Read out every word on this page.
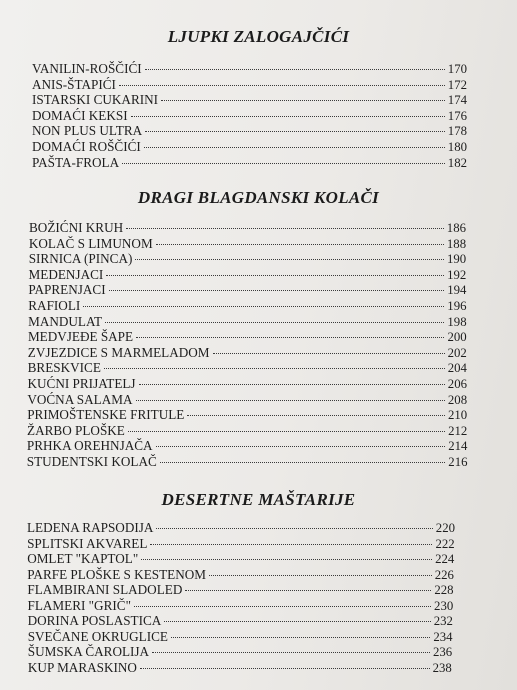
LJUPKI ZALOGAJČIĆI
VANILIN-ROŠČIĆI	170
ANIS-ŠTAPIĆI	172
ISTARSKI CUKARINI	174
DOMAĆI KEKSI	176
NON PLUS ULTRA	178
DOMAĆI ROŠČIĆI	180
PAŠTA-FROLA	182
DRAGI BLAGDANSKI KOLAČI
BOŽIĆNI KRUH	186
KOLAČ S LIMUNOM	188
SIRNICA (PINCA)	190
MEDENJACI	192
PAPRENJACI	194
RAFIOLI	196
MANDULAT	198
MEDVJEĐE ŠAPE	200
ZVJEZDICE S MARMELADOM	202
BRESKVICE	204
KUĆNI PRIJATELJ	206
VOĆNA SALAMA	208
PRIMOŠTENSKE FRITULE	210
ŽARBO PLOŠKE	212
PRHKA OREHNJAČA	214
STUDENTSKI KOLAČ	216
DESERTNE MAŠTARIJE
LEDENA RAPSODIJA	220
SPLITSKI AKVAREL	222
OMLET "KAPTOL"	224
PARFE PLOŠKE S KESTENOM	226
FLAMBIRANI SLADOLED	228
FLAMERI "GRIČ"	230
DORINA POSLASTICA	232
SVEČANE OKRUGLICE	234
ŠUMSKA ČAROLIJA	236
KUP MARASKINO	238
